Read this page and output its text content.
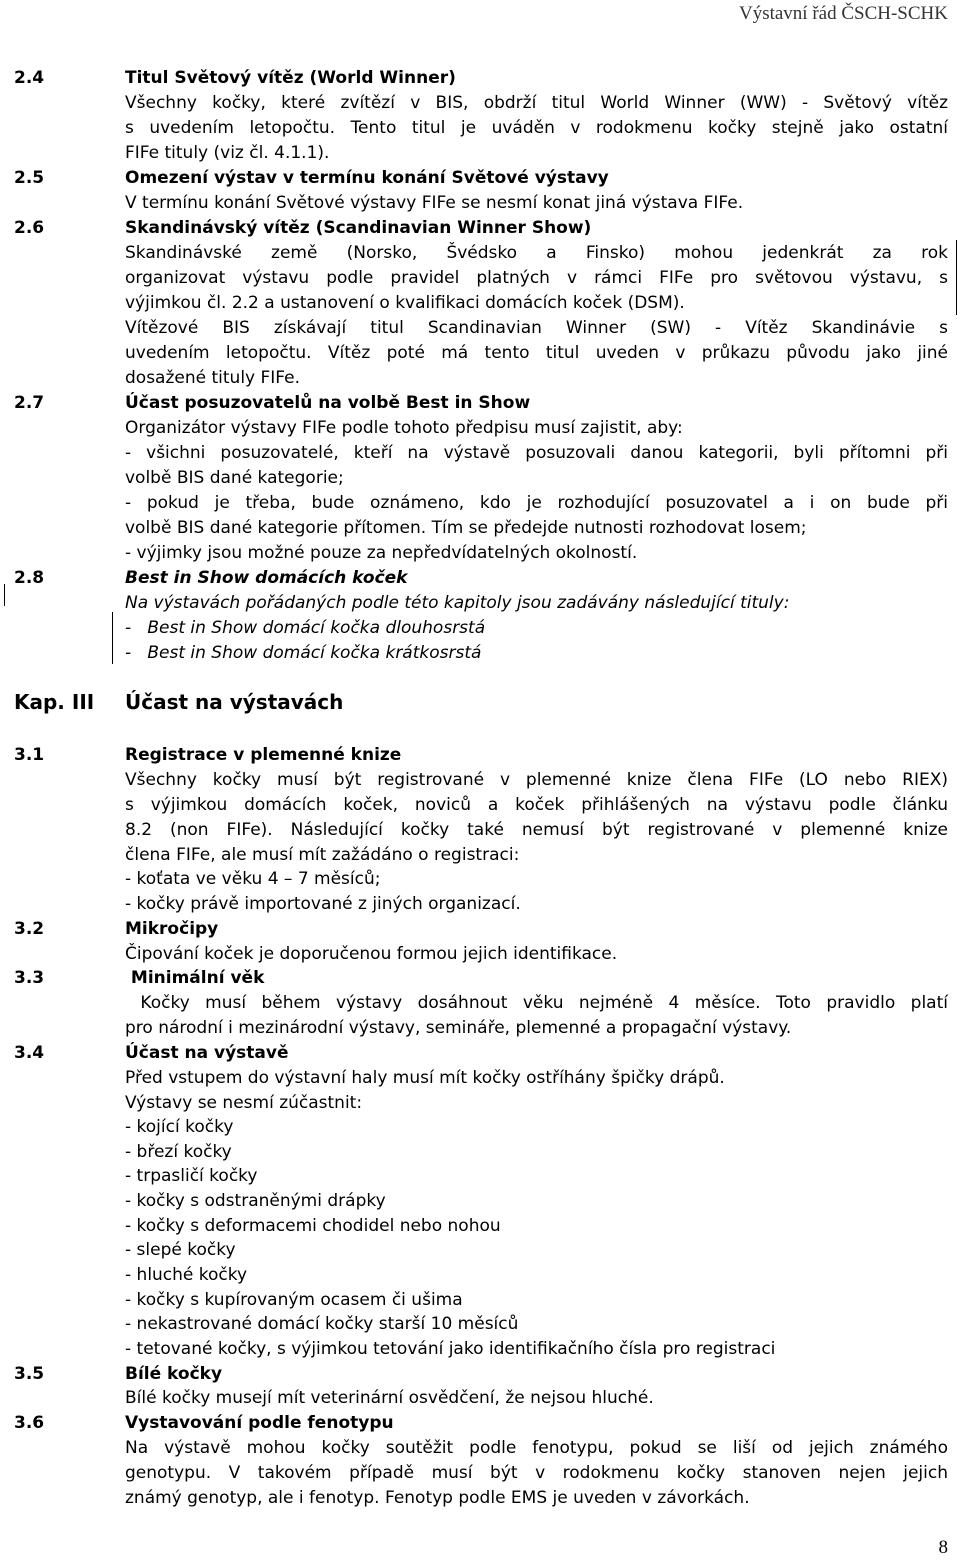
Výstavní řád ČSCH-SCHK
2.4	Titul Světový vítěz (World Winner)
Všechny kočky, které zvítězí v BIS, obdrží titul World Winner (WW) - Světový vítěz
s uvedením letopočtu. Tento titul je uváděn v rodokmenu kočky stejně jako ostatní
FIFe tituly (viz čl. 4.1.1).
2.5	Omezení výstav v termínu konání Světové výstavy
V termínu konání Světové výstavy FIFe se nesmí konat jiná výstava FIFe.
2.6	Skandinávský vítěz (Scandinavian Winner Show)
Skandinávské země (Norsko, Švédsko a Finsko) mohou jedenkrát za rok
organizovat výstavu podle pravidel platných v rámci FIFe pro světovou výstavu, s
výjimkou čl. 2.2 a ustanovení o kvalifikaci domácích koček (DSM).
Vítězové BIS získávají titul Scandinavian Winner (SW) - Vítěz Skandinávie s
uvedením letopočtu. Vítěz poté má tento titul uveden v průkazu původu jako jiné
dosažené tituly FIFe.
2.7	Účast posuzovatelů na volbě Best in Show
Organizátor výstavy FIFe podle tohoto předpisu musí zajistit, aby:
- všichni posuzovatelé, kteří na výstavě posuzovali danou kategorii, byli přítomni při
volbě BIS dané kategorie;
- pokud je třeba, bude oznámeno, kdo je rozhodující posuzovatel a i on bude při
volbě BIS dané kategorie přítomen. Tím se předejde nutnosti rozhodovat losem;
- výjimky jsou možné pouze za nepředvídatelných okolností.
2.8	Best in Show domácích koček
Na výstavách pořádaných podle této kapitoly jsou zadávány následující tituly:
-   Best in Show domácí kočka dlouhosrstá
-   Best in Show domácí kočka krátkosrstá
Kap. III Účast na výstavách
3.1	Registrace v plemenné knize
Všechny kočky musí být registrované v plemenné knize člena FIFe (LO nebo RIEX)
s výjimkou domácích koček, noviců a koček přihlášených na výstavu podle článku
8.2 (non FIFe). Následující kočky také nemusí být registrované v plemenné knize
člena FIFe, ale musí mít zažádáno o registraci:
- koťata ve věku 4 – 7 měsíců;
- kočky právě importované z jiných organizací.
3.2	Mikročipy
Čipování koček je doporučenou formou jejich identifikace.
3.3	Minimální věk
Kočky musí během výstavy dosáhnout věku nejméně 4 měsíce. Toto pravidlo platí
pro národní i mezinárodní výstavy, semináře, plemenné a propagační výstavy.
3.4	Účast na výstavě
Před vstupem do výstavní haly musí mít kočky ostříhány špičky drápů.
Výstavy se nesmí zúčastnit:
- kojící kočky
- březí kočky
- trpasličí kočky
- kočky s odstraněnými drápky
- kočky s deformacemi chodidel nebo nohou
- slepé kočky
- hluché kočky
- kočky s kupírovaným ocasem či ušima
- nekastrované domácí kočky starší 10 měsíců
- tetované kočky, s výjimkou tetování jako identifikačního čísla pro registraci
3.5	Bílé kočky
Bílé kočky musejí mít veterinární osvědčení, že nejsou hluché.
3.6	Vystavování podle fenotypu
Na výstavě mohou kočky soutěžit podle fenotypu, pokud se liší od jejich známého
genotypu. V takovém případě musí být v rodokmenu kočky stanoven nejen jejich
známý genotyp, ale i fenotyp. Fenotyp podle EMS je uveden v závorkách.
8
